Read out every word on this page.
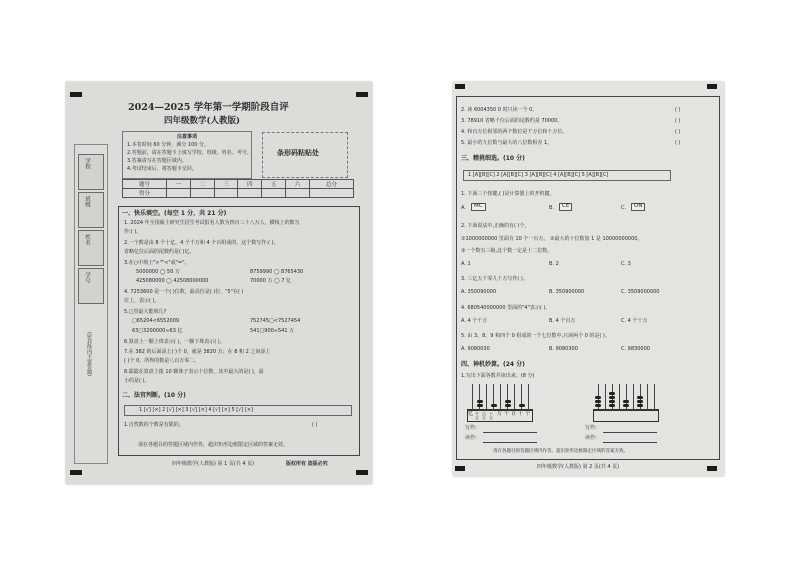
学校
班级
姓名
学号
(密封线内不要答题)
2024—2025 学年第一学期阶段自评
四年级数学(人教版)
注意事项
1.本卷时间 60 分钟，满分 100 分。
2.答题前，请在答题卡上填写学校、班级、姓名、考号。
3.答案请写在答题区域内。
4.考试结束后，将答题卡交回。
条形码粘贴处
题号	一	二	三	四	五	六	总分
得分							
一、快乐填空。(每空 1 分，共 21 分)
1. 2024 年全国硕士研究生招生考试报名人数为四百三十八万人，横线上的数写
作:( )。
2.一个数是由 8 个十亿、4 个千万和 4 个百组成的，这个数写作:( )，
省略亿位后面的尾数约是( )亿。
3.在○中填上">""<"或"="。
5000000 ◯ 50 万	8759990 ◯ 8765430
425080000 ◯ 42508000000	70000 万 ◯ 7 亿
4. 7253600 是一个( )位数，最高位是( )位，"5"在( )
位上，表示( )。
5.□里最大能填几?
□65204<6552009	752745□<7527454
63□3200000≈63 亿	541□900≈541 万
6.算盘上一颗上珠表示( )，一颗下珠表示( )。
7.在 382 的后面添上( )个 0，就是 3820 万；在 8 和 2 之间添上
( )个 0，所得的数是八百万零二。
8.聪聪在算盘上拨 10 颗珠子表示十位数，其中最大的是( )，最
小的是( )。
二、法官判断。(10 分)
1 [√] [×] 2 [√] [×] 3 [√] [×] 4 [√] [×] 5 [√] [×]
1.自然数的个数是有限的。	( )
请在各题目的答题区域内作答，超出矩形边框限定区域的答案无效。
四年级数学(人教版) 第 1 页(共 4 页)	版权所有 盗版必究
2. 读 6004350 0 时只读一个 0。	( )
3. 78910 省略千位后面的尾数约是 70000。	( )
4. 和百万位相邻的两个数位是千万位和十万位。	( )
5. 最小的九位数与最大的八位数相差 1。	( )
三、精挑细选。(10 分)
1 [A][B][C] 2 [A][B][C] 3 [A][B][C] 4 [A][B][C] 5 [A][B][C]
1. 下面三个按键,( )是计算器上的开机键。
A.	MC	B.	CE	C.	ON
2. 下面说法中,正确的有( )个。
①1000000000 里面有 10 个一百万。 ②最大的十位数加 1 是 10000000000。
③一个数有三级,这个数一定是十二位数。
A. 1	B. 2	C. 3
3. 三亿五千零九十万写作( )。
A. 350090000	B. 350900000	C. 3509000000
4. 680540000000 里面的"4"表示( )。
A. 4 个千万	B. 4 个百万	C. 4 个十万
5. 由 3、8、9 和四个 0 组成的一个七位数中,只读两个 0 的是( )。
A. 9080030	B. 9080300	C. 9830000
四、神机妙算。(24 分)
1.写出下面各数并读出来。(8 分)
亿 千万 百万 十万 万 千 百 十 个
写作:
读作:
写作:
读作:
请在各题目的答题区域内作答，超出矩形边框限定区域的答案无效。
四年级数学(人教版) 第 2 页(共 4 页)
